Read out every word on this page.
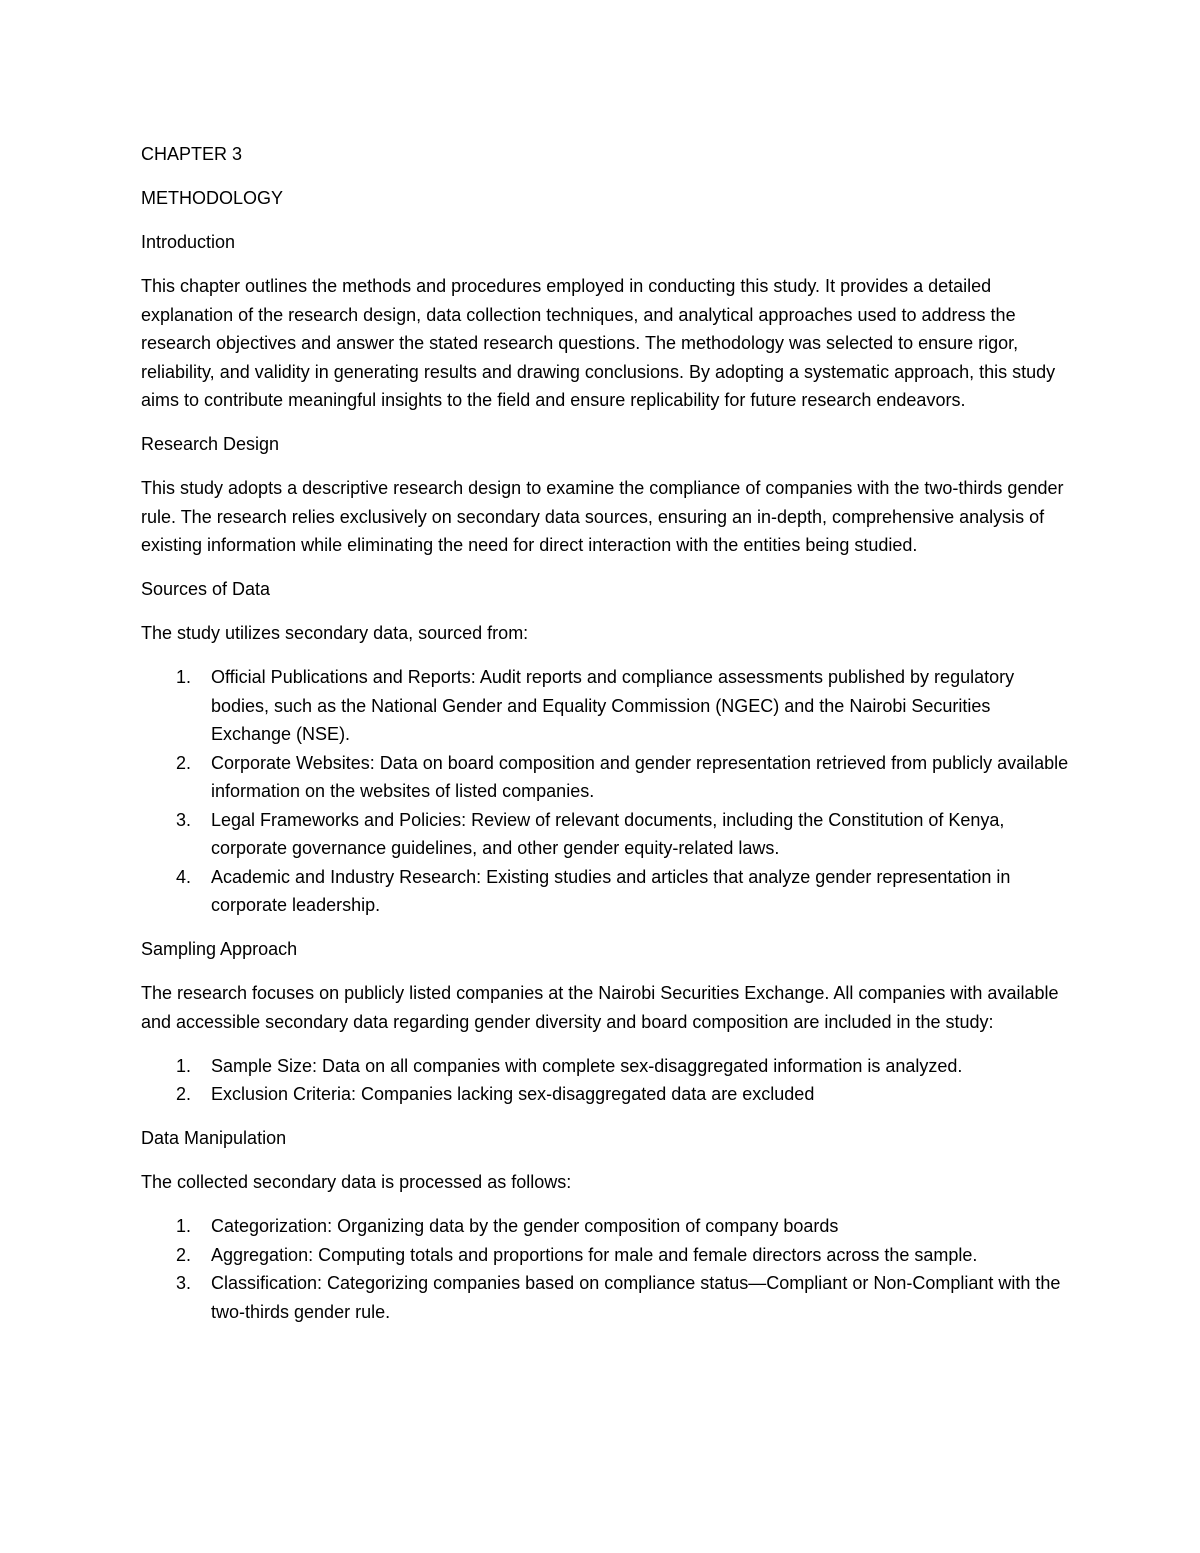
CHAPTER 3

METHODOLOGY

Introduction

This chapter outlines the methods and procedures employed in conducting this study. It provides a detailed explanation of the research design, data collection techniques, and analytical approaches used to address the research objectives and answer the stated research questions. The methodology was selected to ensure rigor, reliability, and validity in generating results and drawing conclusions. By adopting a systematic approach, this study aims to contribute meaningful insights to the field and ensure replicability for future research endeavors.

Research Design

This study adopts a descriptive research design to examine the compliance of companies with the two-thirds gender rule. The research relies exclusively on secondary data sources, ensuring an in-depth, comprehensive analysis of existing information while eliminating the need for direct interaction with the entities being studied.

Sources of Data

The study utilizes secondary data, sourced from:

1. Official Publications and Reports: Audit reports and compliance assessments published by regulatory bodies, such as the National Gender and Equality Commission (NGEC) and the Nairobi Securities Exchange (NSE).
2. Corporate Websites: Data on board composition and gender representation retrieved from publicly available information on the websites of listed companies.
3. Legal Frameworks and Policies: Review of relevant documents, including the Constitution of Kenya, corporate governance guidelines, and other gender equity-related laws.
4. Academic and Industry Research: Existing studies and articles that analyze gender representation in corporate leadership.

Sampling Approach

The research focuses on publicly listed companies at the Nairobi Securities Exchange. All companies with available and accessible secondary data regarding gender diversity and board composition are included in the study:

1. Sample Size: Data on all companies with complete sex-disaggregated information is analyzed.
2. Exclusion Criteria: Companies lacking sex-disaggregated data are excluded

Data Manipulation

The collected secondary data is processed as follows:

1. Categorization: Organizing data by the gender composition of company boards
2. Aggregation: Computing totals and proportions for male and female directors across the sample.
3. Classification: Categorizing companies based on compliance status—Compliant or Non-Compliant with the two-thirds gender rule.
